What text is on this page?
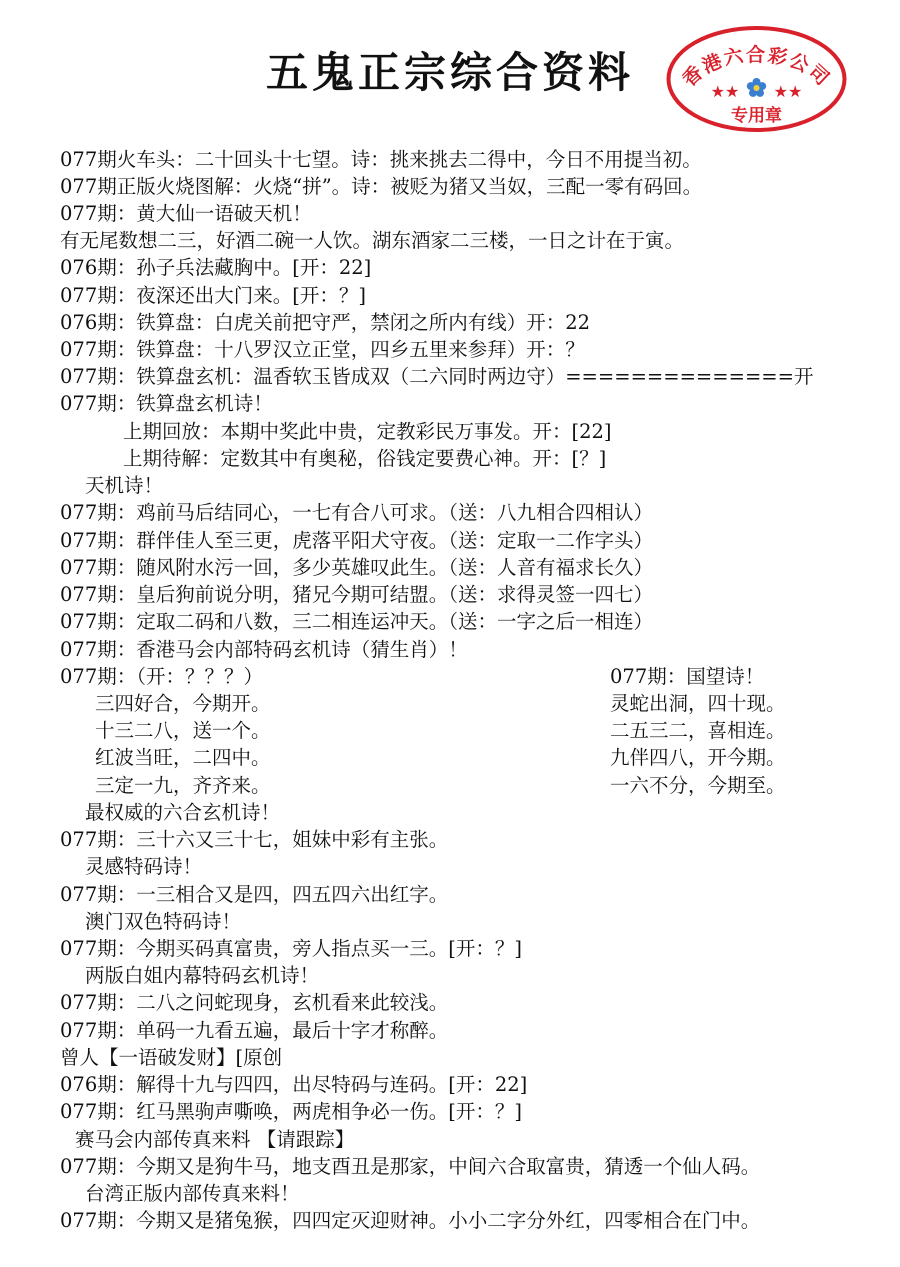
五鬼正宗综合资料	香港六合彩公司
★★ ★★
专用章
077期火车头：二十回头十七望。诗：挑来挑去二得中，今日不用提当初。
077期正版火烧图解：火烧“拼”。诗：被贬为猪又当奴，三配一零有码回。
077期：黄大仙一语破天机！
有无尾数想二三，好酒二碗一人饮。湖东酒家二三楼，一日之计在于寅。
076期：孙子兵法藏胸中。[开：22]
077期：夜深还出大门来。[开：？]
076期：铁算盘：白虎关前把守严，禁闭之所内有线）开：22
077期：铁算盘：十八罗汉立正堂，四乡五里来参拜）开：？
077期：铁算盘玄机：温香软玉皆成双（二六同时两边守）==============开
077期：铁算盘玄机诗！
上期回放：本期中奖此中贵，定教彩民万事发。开：[22]
上期待解：定数其中有奥秘，俗钱定要费心神。开：[？]
天机诗！
077期：鸡前马后结同心，一七有合八可求。（送：八九相合四相认）
077期：群伴佳人至三更，虎落平阳犬守夜。（送：定取一二作字头）
077期：随风附水污一回，多少英雄叹此生。（送：人音有福求长久）
077期：皇后狗前说分明，猪兄今期可结盟。（送：求得灵签一四七）
077期：定取二码和八数，三二相连运冲天。（送：一字之后一相连）
077期：香港马会内部特码玄机诗（猜生肖）！
077期：（开：？？？）
三四好合，今期开。
十三二八，送一个。
红波当旺，二四中。
三定一九，齐齐来。
最权威的六合玄机诗！
077期：三十六又三十七，姐妹中彩有主张。
灵感特码诗！
077期：一三相合又是四，四五四六出红字。
澳门双色特码诗！
077期：今期买码真富贵，旁人指点买一三。[开：？]
两版白姐内幕特码玄机诗！
077期：二八之问蛇现身，玄机看来此较浅。
077期：单码一九看五遍，最后十字才称醉。
曾人【一语破发财】[原创
076期：解得十九与四四，出尽特码与连码。[开：22]
077期：红马黑驹声嘶唤，两虎相争必一伤。[开：？]
赛马会内部传真来料 【请跟踪】
077期：今期又是狗牛马，地支酉丑是那家，中间六合取富贵，猜透一个仙人码。
台湾正版内部传真来料！
077期：今期又是猪兔猴，四四定灭迎财神。小小二字分外红，四零相合在门中。
077期：国望诗！
灵蛇出洞，四十现。
二五三二，喜相连。
九伴四八，开今期。
一六不分，今期至。
